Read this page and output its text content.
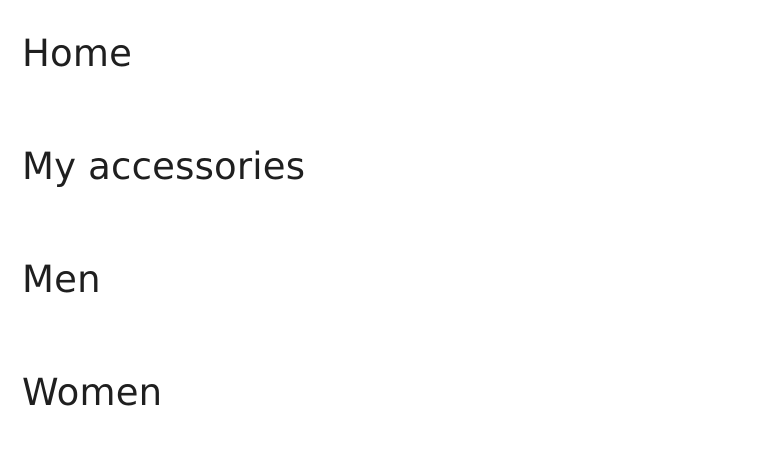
Home
My accessories
Men
Women
